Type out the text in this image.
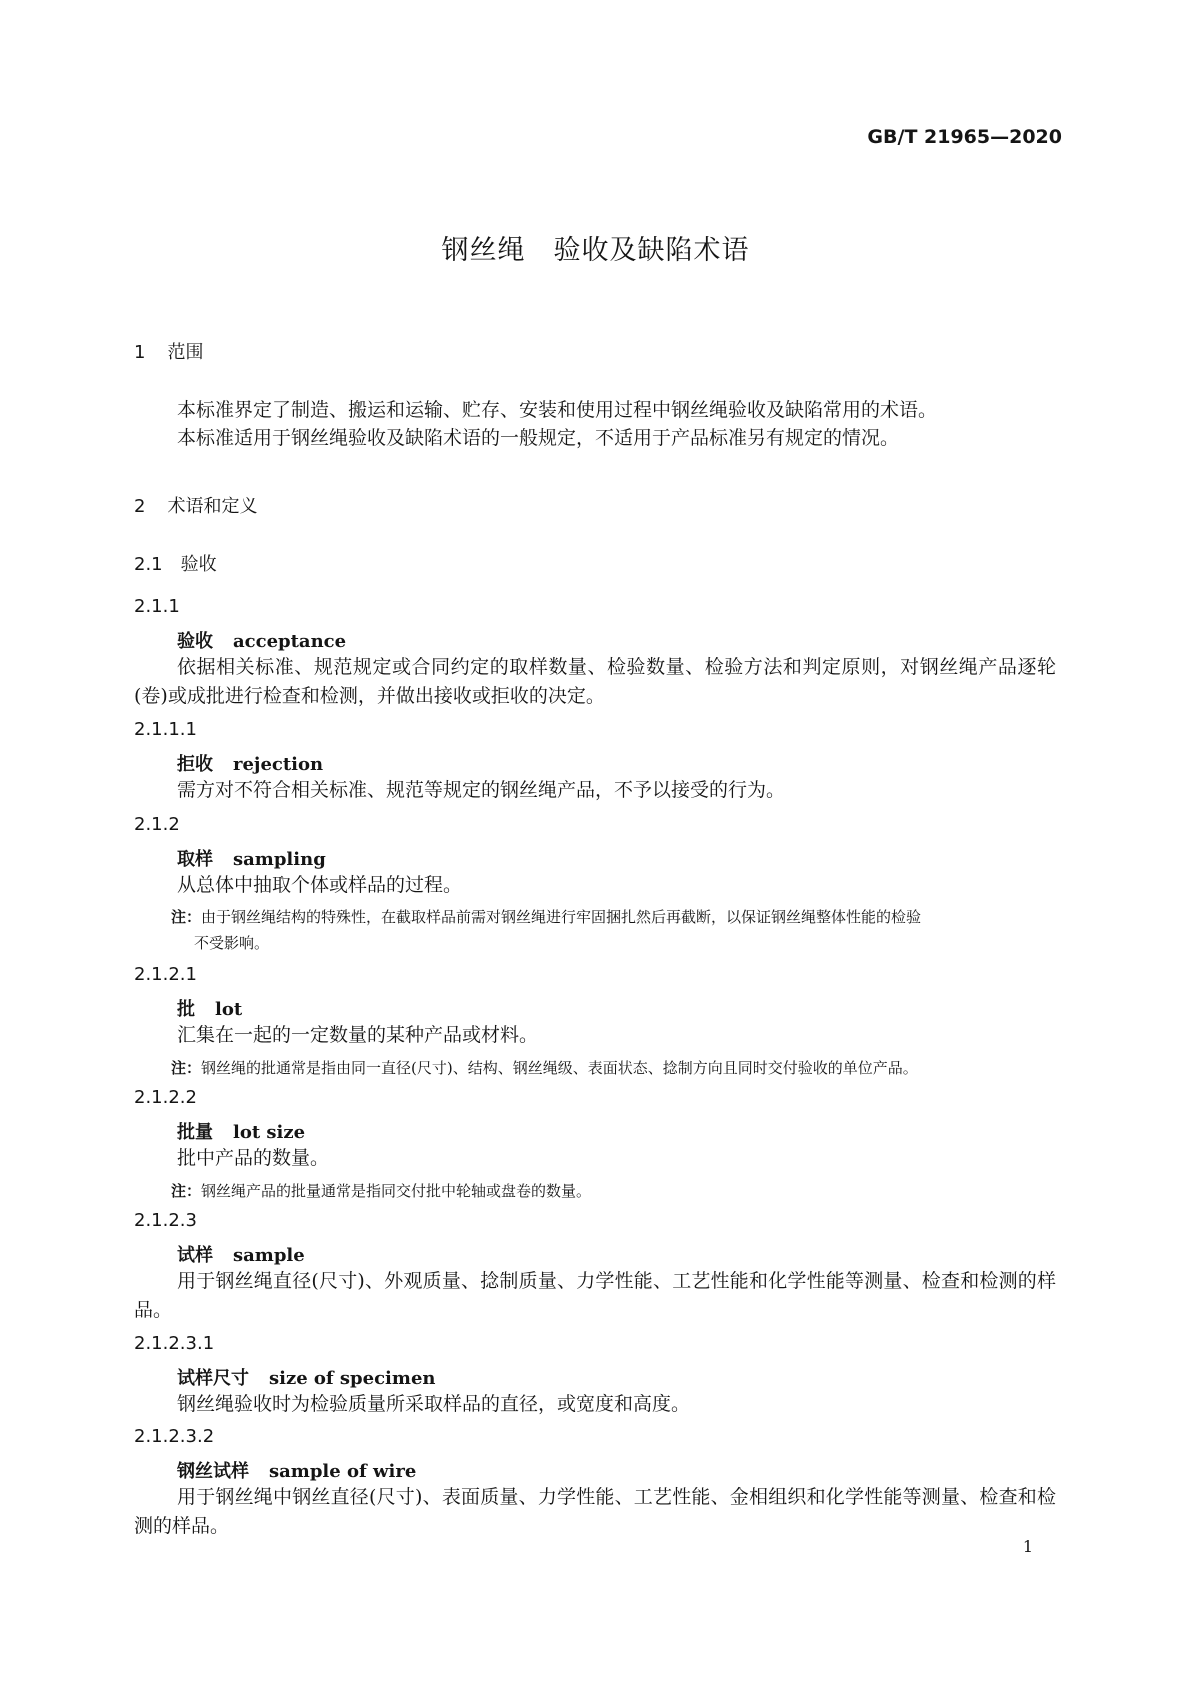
GB/T 21965—2020
钢丝绳　验收及缺陷术语
1 范围
本标准界定了制造、搬运和运输、贮存、安装和使用过程中钢丝绳验收及缺陷常用的术语。
本标准适用于钢丝绳验收及缺陷术语的一般规定，不适用于产品标准另有规定的情况。
2 术语和定义
2.1 验收
2.1.1
验收 acceptance
依据相关标准、规范规定或合同约定的取样数量、检验数量、检验方法和判定原则，对钢丝绳产品逐轮(卷)或成批进行检查和检测，并做出接收或拒收的决定。
2.1.1.1
拒收 rejection
需方对不符合相关标准、规范等规定的钢丝绳产品，不予以接受的行为。
2.1.2
取样 sampling
从总体中抽取个体或样品的过程。
注：由于钢丝绳结构的特殊性，在截取样品前需对钢丝绳进行牢固捆扎然后再截断，以保证钢丝绳整体性能的检验
不受影响。
2.1.2.1
批 lot
汇集在一起的一定数量的某种产品或材料。
注：钢丝绳的批通常是指由同一直径(尺寸)、结构、钢丝绳级、表面状态、捻制方向且同时交付验收的单位产品。
2.1.2.2
批量 lot size
批中产品的数量。
注：钢丝绳产品的批量通常是指同交付批中轮轴或盘卷的数量。
2.1.2.3
试样 sample
用于钢丝绳直径(尺寸)、外观质量、捻制质量、力学性能、工艺性能和化学性能等测量、检查和检测的样品。
2.1.2.3.1
试样尺寸 size of specimen
钢丝绳验收时为检验质量所采取样品的直径，或宽度和高度。
2.1.2.3.2
钢丝试样 sample of wire
用于钢丝绳中钢丝直径(尺寸)、表面质量、力学性能、工艺性能、金相组织和化学性能等测量、检查和检测的样品。
1
